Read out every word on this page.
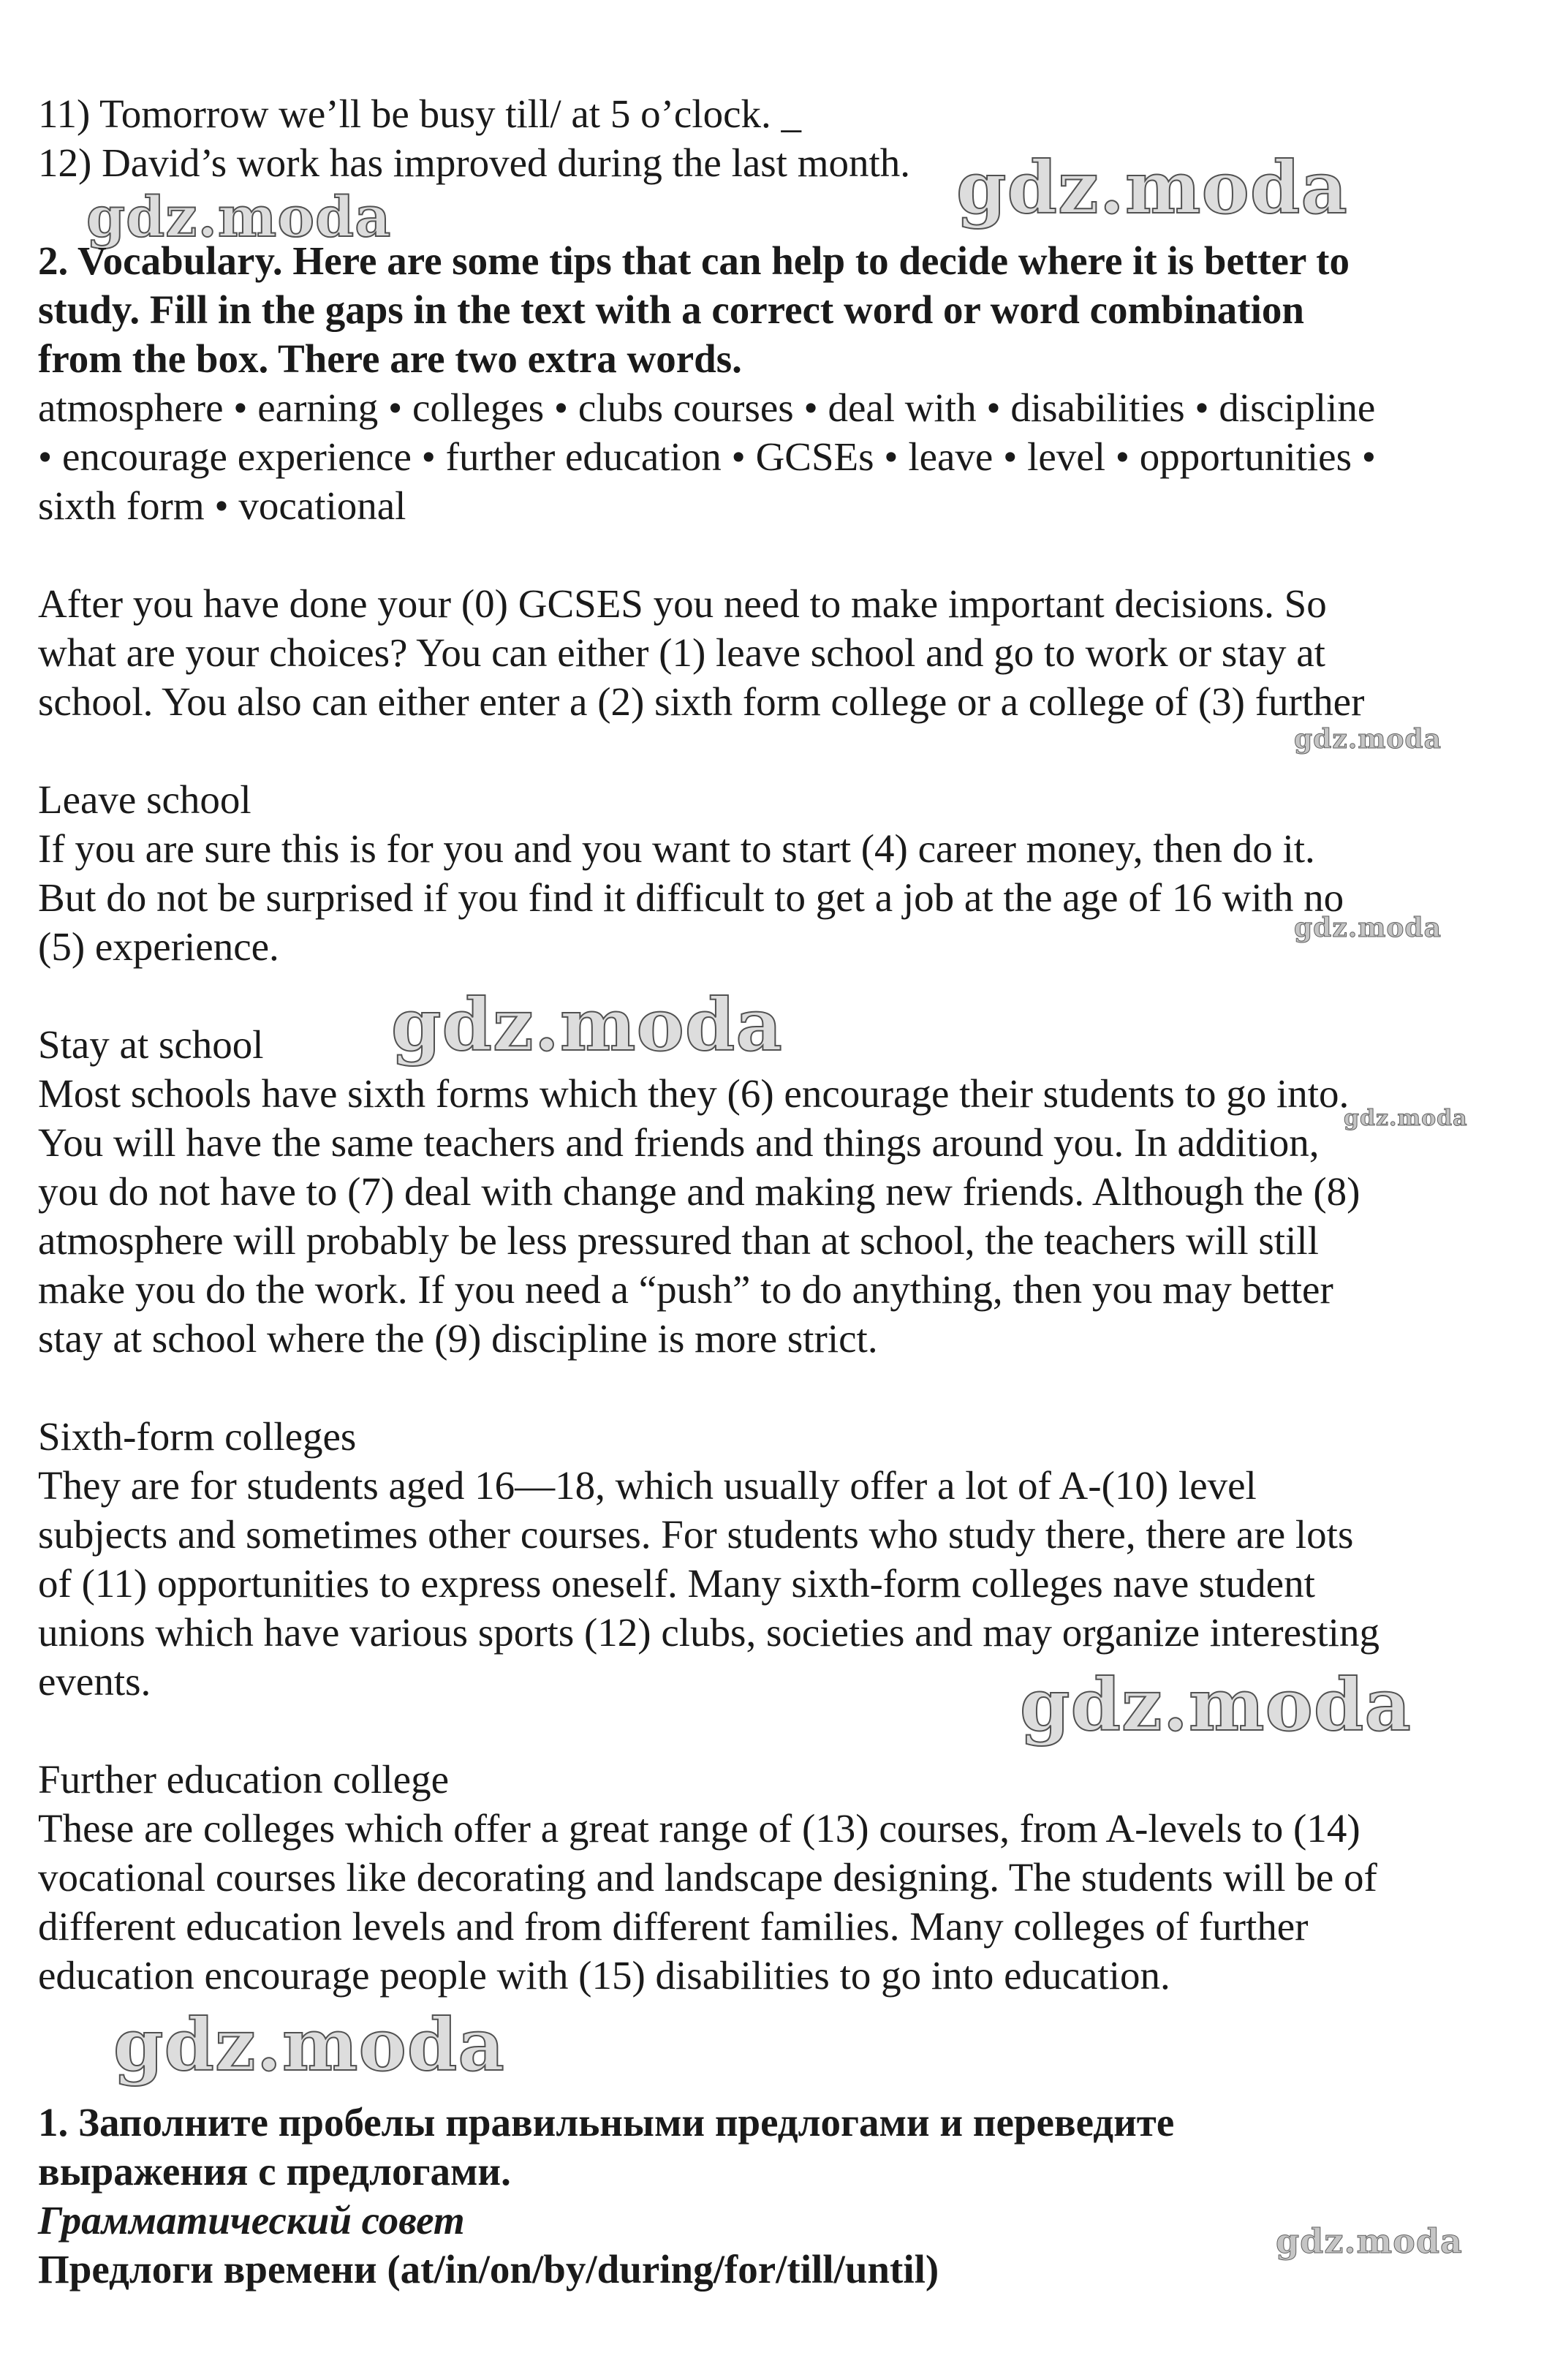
gdz.moda	gdz.moda
gdz.moda
gdz.moda
gdz.moda
gdz.moda
gdz.moda
gdz.moda
gdz.moda
11) Tomorrow we’ll be busy till/ at 5 o’clock. _
12) David’s work has improved during the last month.
2. Vocabulary. Here are some tips that can help to decide where it is better to
study. Fill in the gaps in the text with a correct word or word combination
from the box. There are two extra words.
atmosphere • earning • colleges • clubs courses • deal with • disabilities • discipline
• encourage experience • further education • GCSEs • leave • level • opportunities •
sixth form • vocational
After you have done your (0) GCSES you need to make important decisions. So
what are your choices? You can either (1) leave school and go to work or stay at
school. You also can either enter a (2) sixth form college or a college of (3) further
Leave school
If you are sure this is for you and you want to start (4) career money, then do it.
But do not be surprised if you find it difficult to get a job at the age of 16 with no
(5) experience.
Stay at school
Most schools have sixth forms which they (6) encourage their students to go into.
You will have the same teachers and friends and things around you. In addition,
you do not have to (7) deal with change and making new friends. Although the (8)
atmosphere will probably be less pressured than at school, the teachers will still
make you do the work. If you need a “push” to do anything, then you may better
stay at school where the (9) discipline is more strict.
Sixth-form colleges
They are for students aged 16—18, which usually offer a lot of A-(10) level
subjects and sometimes other courses. For students who study there, there are lots
of (11) opportunities to express oneself. Many sixth-form colleges nave student
unions which have various sports (12) clubs, societies and may organize interesting
events.
Further education college
These are colleges which offer a great range of (13) courses, from A-levels to (14)
vocational courses like decorating and landscape designing. The students will be of
different education levels and from different families. Many colleges of further
education encourage people with (15) disabilities to go into education.
1. Заполните пробелы правильными предлогами и переведите
выражения с предлогами.
Грамматический совет
Предлоги времени (at/in/on/by/during/for/till/until)
